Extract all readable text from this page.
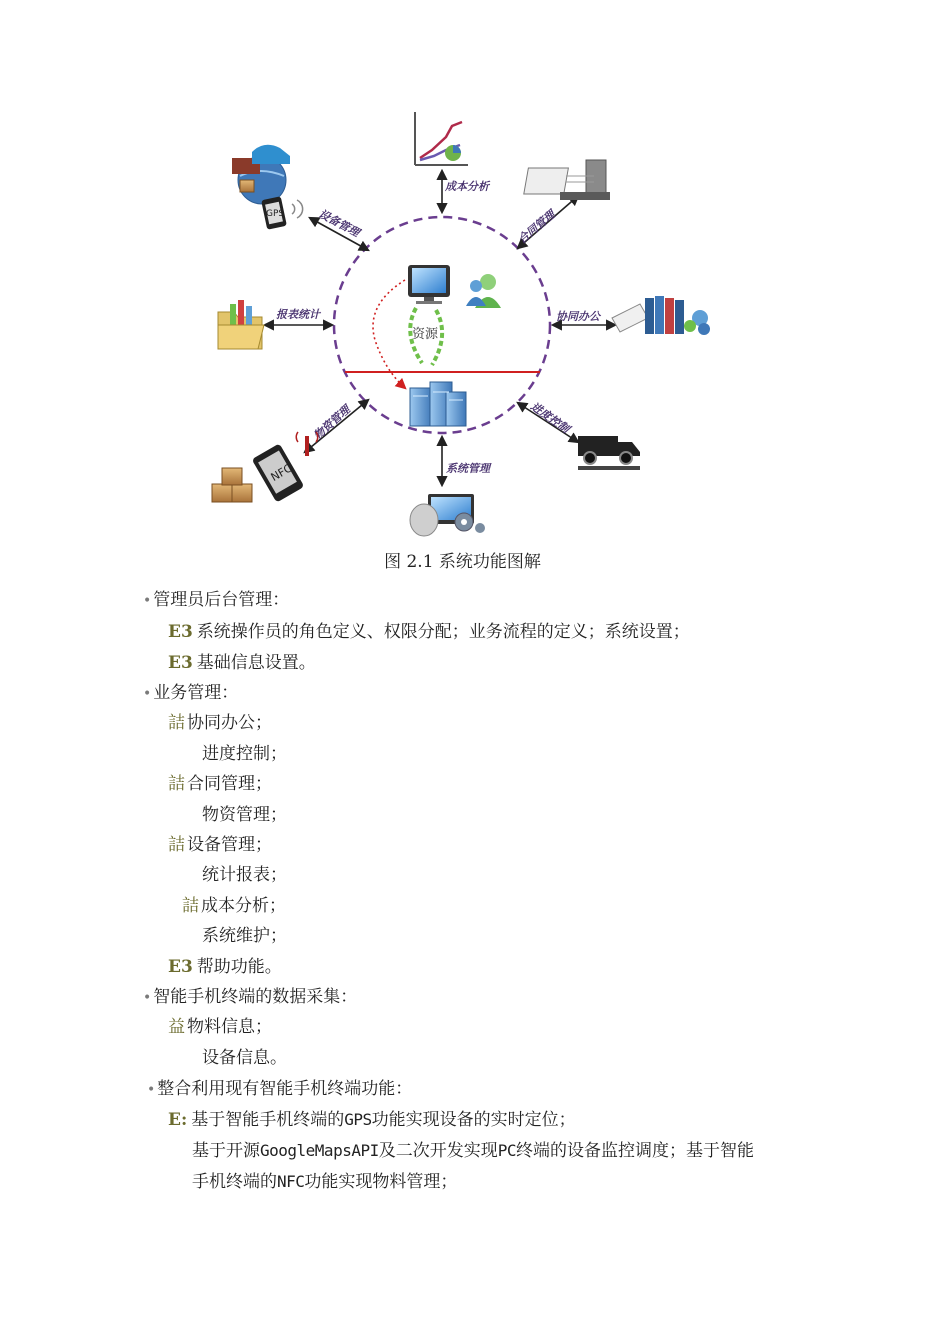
资源
成本分析
合同管理
协同办公
进度控制
系统管理
物资管理
报表统计
设备管理
NFC
GPS
图 2.1 系统功能图解
• 管理员后台管理：
E3 系统操作员的角色定义、权限分配；业务流程的定义；系统设置；
E3 基础信息设置。
• 业务管理：
詰 协同办公；
进度控制；
詰 合同管理；
物资管理；
詰 设备管理；
统计报表；
詰 成本分析；
系统维护；
E3 帮助功能。
• 智能手机终端的数据采集：
益 物料信息；
设备信息。
• 整合利用现有智能手机终端功能：
E: 基于智能手机终端的GPS功能实现设备的实时定位；
基于开源GoogleMapsAPI及二次开发实现PC终端的设备监控调度；基于智能
手机终端的NFC功能实现物料管理；
